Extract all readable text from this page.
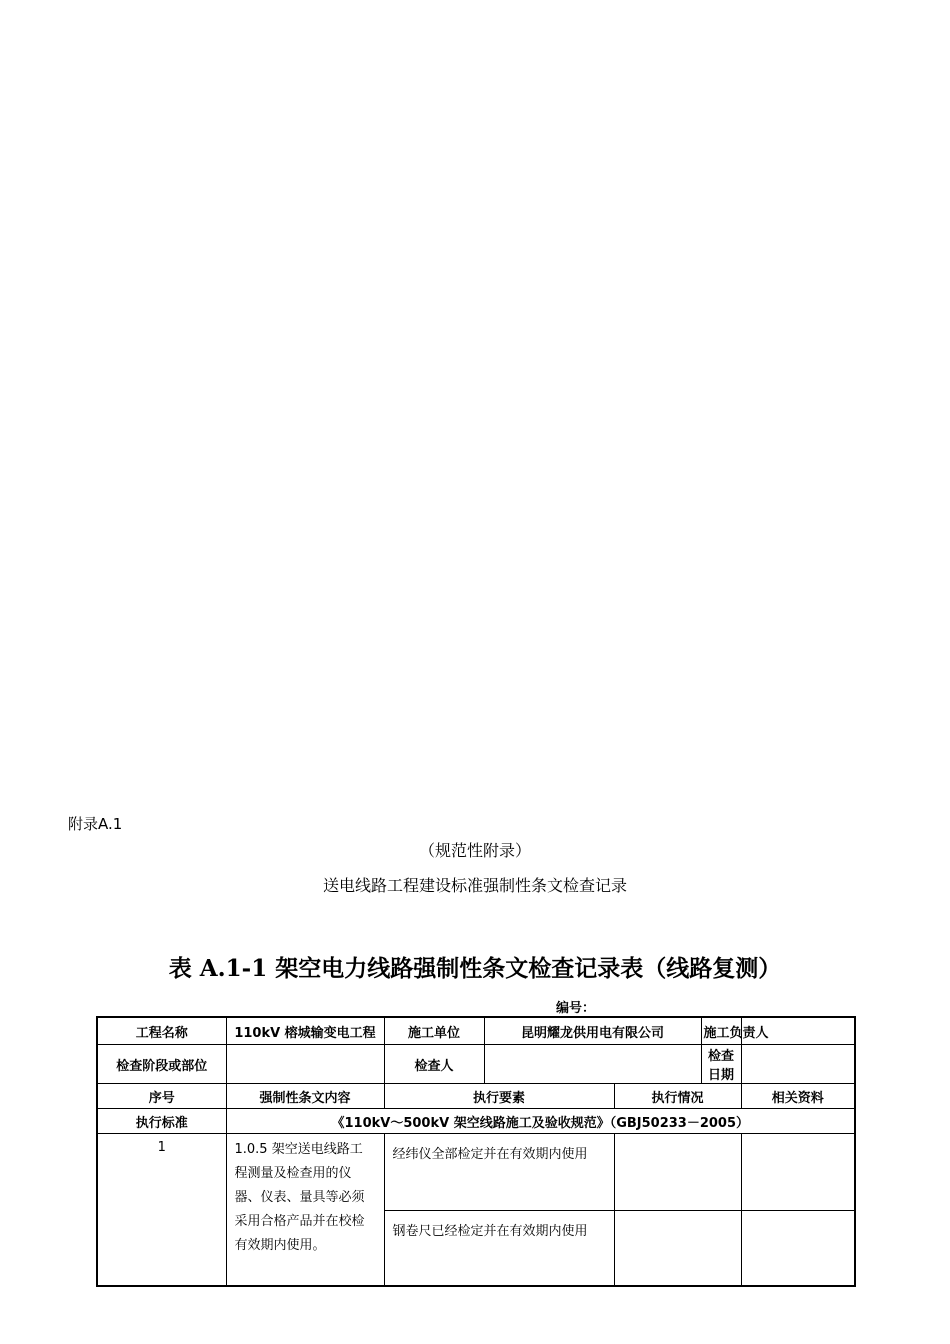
附录A.1
（规范性附录）
送电线路工程建设标准强制性条文检查记录
表 A.1-1 架空电力线路强制性条文检查记录表（线路复测）
编号：
工程名称	110kV 榕城输变电工程	施工单位	昆明耀龙供用电有限公司		施工负责人	
检查阶段或部位		检查人			检查日期	
序号	强制性条文内容	执行要素		执行情况		相关资料
执行标准	《110kV～500kV 架空线路施工及验收规范》（GBJ50233－2005）					
1	1.0.5 架空送电线路工程测量及检查用的仪器、仪表、量具等必须采用合格产品并在校检有效期内使用。	经纬仪全部检定并在有效期内使用				
		钢卷尺已经检定并在有效期内使用				
